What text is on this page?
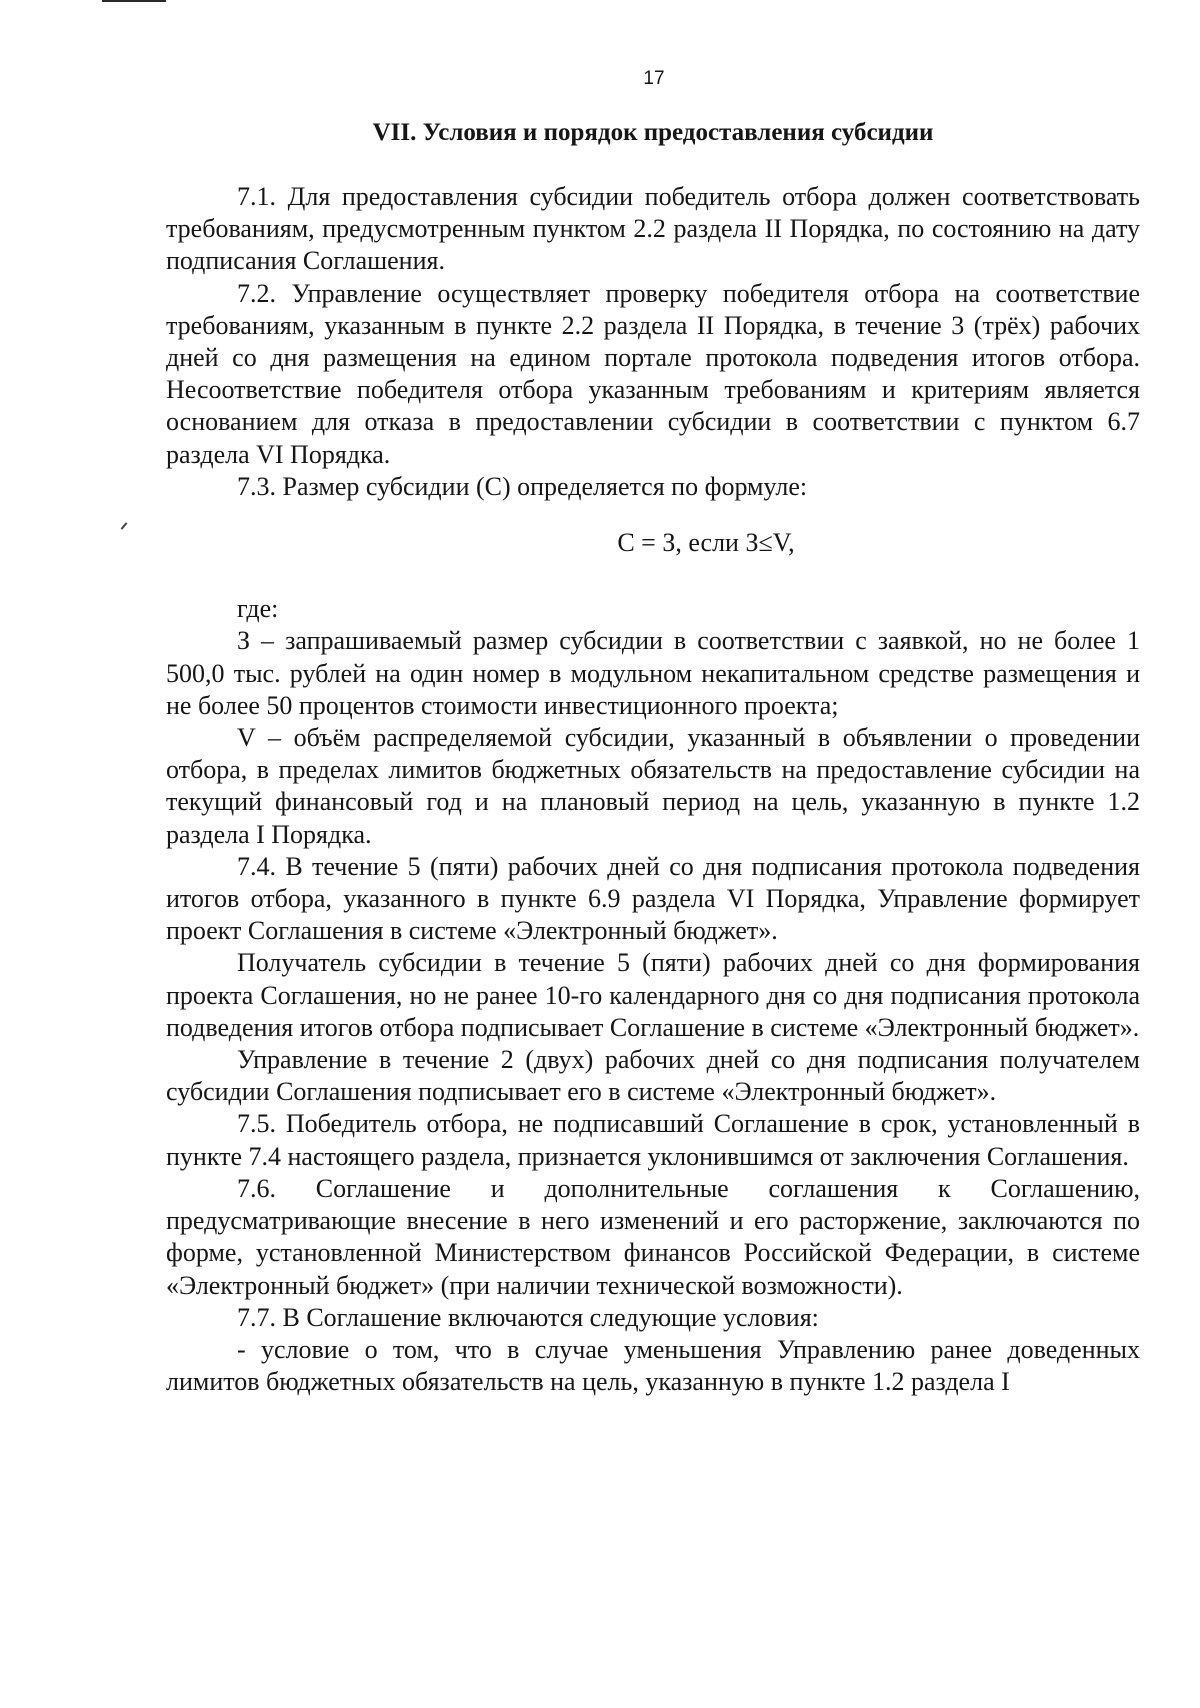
17
VII. Условия и порядок предоставления субсидии

7.1. Для предоставления субсидии победитель отбора должен соответствовать требованиям, предусмотренным пунктом 2.2 раздела II Порядка, по состоянию на дату подписания Соглашения.

7.2. Управление осуществляет проверку победителя отбора на соответствие требованиям, указанным в пункте 2.2 раздела II Порядка, в течение 3 (трёх) рабочих дней со дня размещения на едином портале протокола подведения итогов отбора. Несоответствие победителя отбора указанным требованиям и критериям является основанием для отказа в предоставлении субсидии в соответствии с пунктом 6.7 раздела VI Порядка.

7.3. Размер субсидии (С) определяется по формуле:

С = З, если З≤V,

где:

З – запрашиваемый размер субсидии в соответствии с заявкой, но не более 1 500,0 тыс. рублей на один номер в модульном некапитальном средстве размещения и не более 50 процентов стоимости инвестиционного проекта;

V – объём распределяемой субсидии, указанный в объявлении о проведении отбора, в пределах лимитов бюджетных обязательств на предоставление субсидии на текущий финансовый год и на плановый период на цель, указанную в пункте 1.2 раздела I Порядка.

7.4. В течение 5 (пяти) рабочих дней со дня подписания протокола подведения итогов отбора, указанного в пункте 6.9 раздела VI Порядка, Управление формирует проект Соглашения в системе «Электронный бюджет».

Получатель субсидии в течение 5 (пяти) рабочих дней со дня формирования проекта Соглашения, но не ранее 10-го календарного дня со дня подписания протокола подведения итогов отбора подписывает Соглашение в системе «Электронный бюджет».

Управление в течение 2 (двух) рабочих дней со дня подписания получателем субсидии Соглашения подписывает его в системе «Электронный бюджет».

7.5. Победитель отбора, не подписавший Соглашение в срок, установленный в пункте 7.4 настоящего раздела, признается уклонившимся от заключения Соглашения.

7.6. Соглашение и дополнительные соглашения к Соглашению, предусматривающие внесение в него изменений и его расторжение, заключаются по форме, установленной Министерством финансов Российской Федерации, в системе «Электронный бюджет» (при наличии технической возможности).

7.7. В Соглашение включаются следующие условия:

- условие о том, что в случае уменьшения Управлению ранее доведенных лимитов бюджетных обязательств на цель, указанную в пункте 1.2 раздела I
